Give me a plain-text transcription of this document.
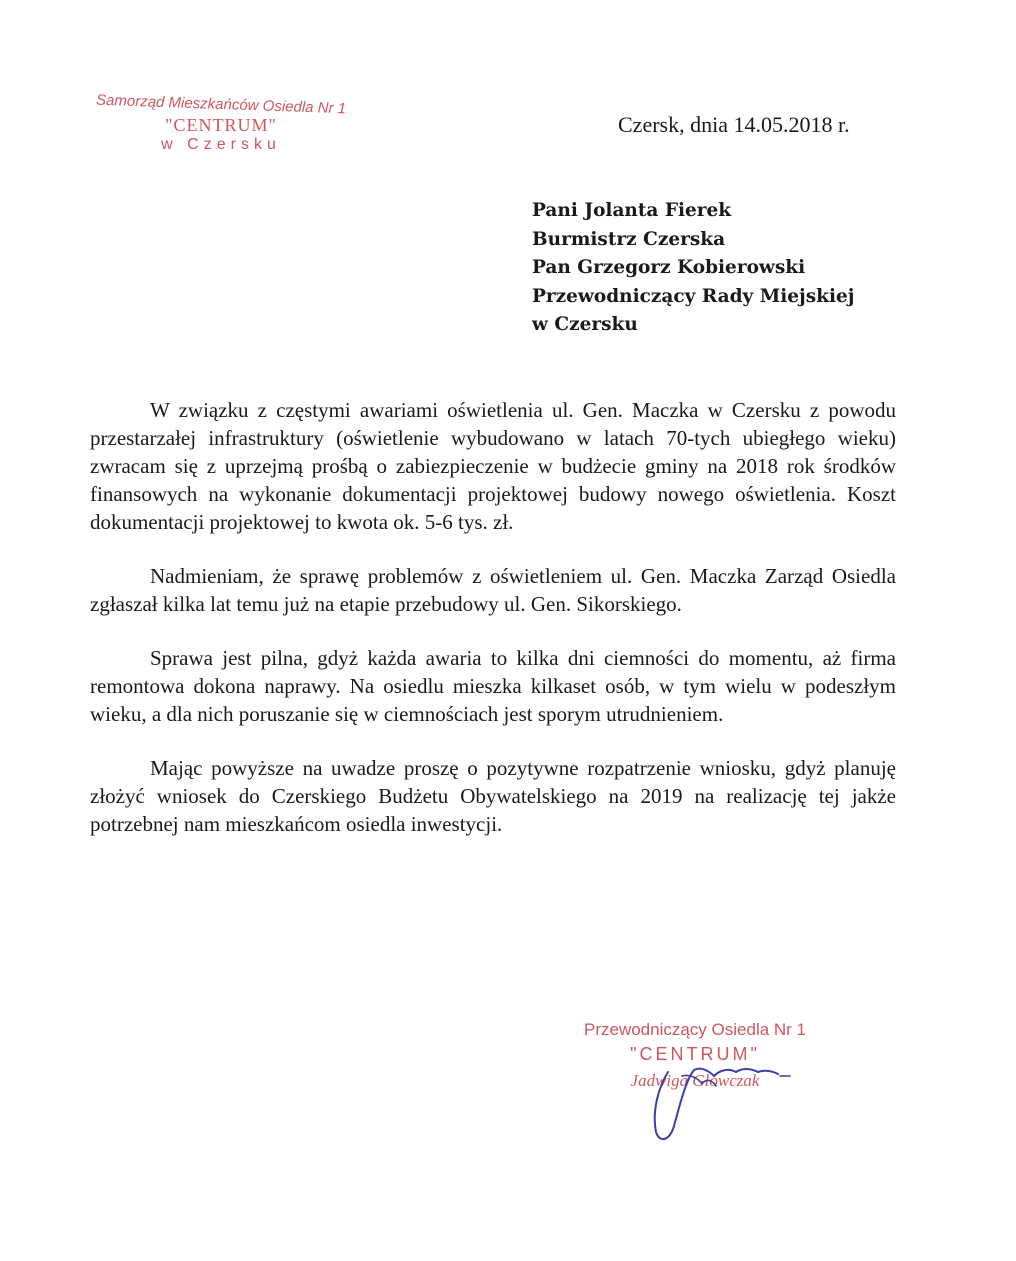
Samorząd Mieszkańców Osiedla Nr 1
"CENTRUM"
w Czersku
Czersk, dnia 14.05.2018 r.
Pani Jolanta Fierek
Burmistrz Czerska
Pan Grzegorz Kobierowski
Przewodniczący Rady Miejskiej
w Czersku

W związku z częstymi awariami oświetlenia ul. Gen. Maczka w Czersku z powodu przestarzałej infrastruktury (oświetlenie wybudowano w latach 70-tych ubiegłego wieku) zwracam się z uprzejmą prośbą o zabiezpieczenie w budżecie gminy na 2018 rok środków finansowych na wykonanie dokumentacji projektowej budowy nowego oświetlenia. Koszt dokumentacji projektowej to kwota ok. 5-6 tys. zł.

Nadmieniam, że sprawę problemów z oświetleniem ul. Gen. Maczka Zarząd Osiedla zgłaszał kilka lat temu już na etapie przebudowy ul. Gen. Sikorskiego.

Sprawa jest pilna, gdyż każda awaria to kilka dni ciemności do momentu, aż firma remontowa dokona naprawy. Na osiedlu mieszka kilkaset osób, w tym wielu w podeszłym wieku, a dla nich poruszanie się w ciemnościach jest sporym utrudnieniem.

Mając powyższe na uwadze proszę o pozytywne rozpatrzenie wniosku, gdyż planuję złożyć wniosek do Czerskiego Budżetu Obywatelskiego na 2019 na realizację tej jakże potrzebnej nam mieszkańcom osiedla inwestycji.

Przewodniczący Osiedla Nr 1
"CENTRUM"
Jadwiga Główczak
